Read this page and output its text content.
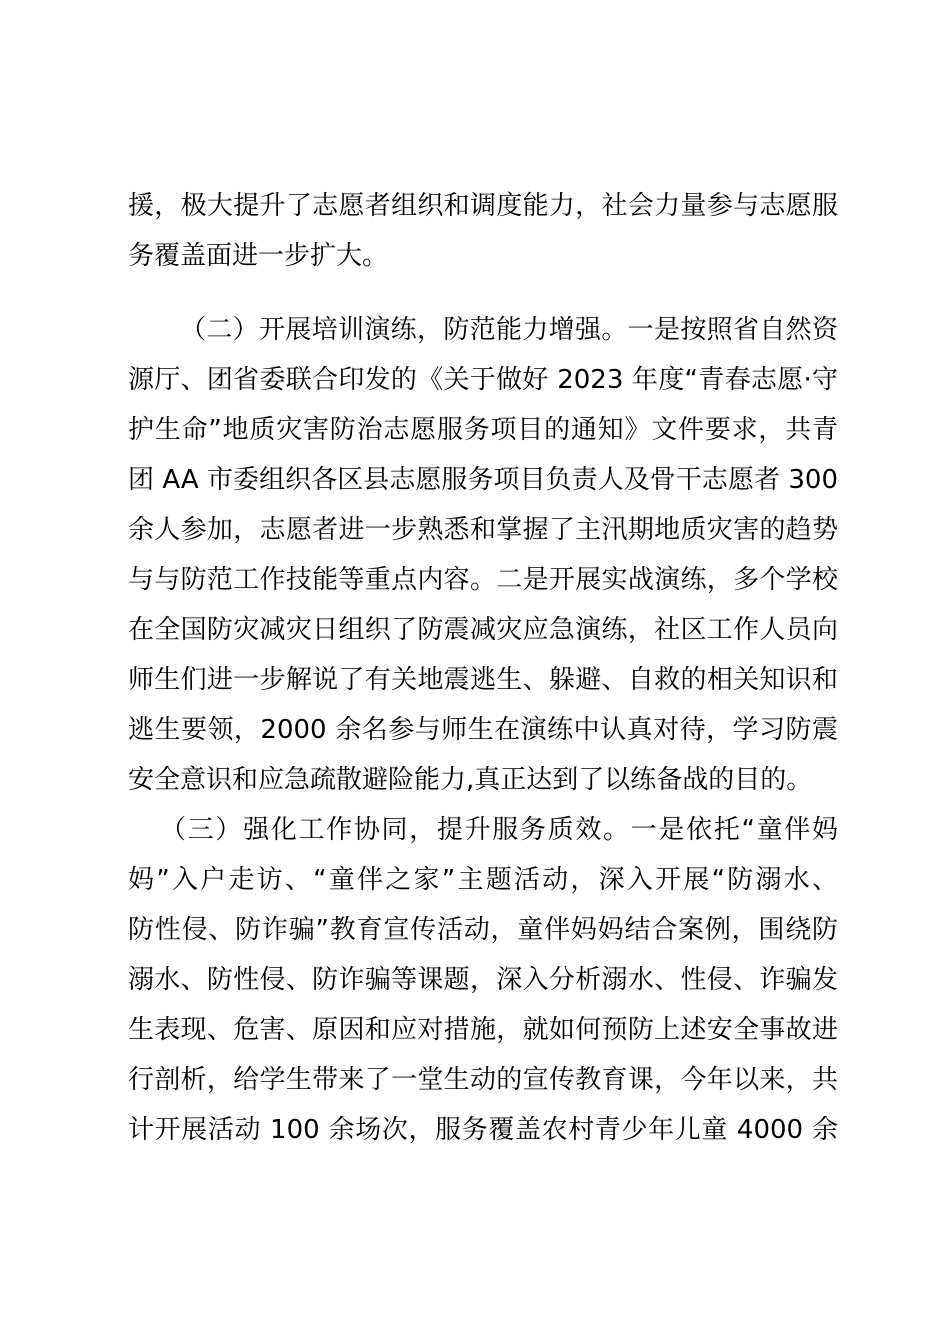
援，极大提升了志愿者组织和调度能力，社会力量参与志愿服
务覆盖面进一步扩大。
（二）开展培训演练，防范能力增强。一是按照省自然资
源厅、团省委联合印发的《关于做好 2023 年度“青春志愿·守
护生命”地质灾害防治志愿服务项目的通知》文件要求，共青
团 AA 市委组织各区县志愿服务项目负责人及骨干志愿者 300
余人参加，志愿者进一步熟悉和掌握了主汛期地质灾害的趋势
与与防范工作技能等重点内容。二是开展实战演练，多个学校
在全国防灾减灾日组织了防震减灾应急演练，社区工作人员向
师生们进一步解说了有关地震逃生、躲避、自救的相关知识和
逃生要领，2000 余名参与师生在演练中认真对待，学习防震
安全意识和应急疏散避险能力,真正达到了以练备战的目的。
（三）强化工作协同，提升服务质效。一是依托“童伴妈
妈”入户走访、“童伴之家”主题活动，深入开展“防溺水、
防性侵、防诈骗”教育宣传活动，童伴妈妈结合案例，围绕防
溺水、防性侵、防诈骗等课题，深入分析溺水、性侵、诈骗发
生表现、危害、原因和应对措施，就如何预防上述安全事故进
行剖析，给学生带来了一堂生动的宣传教育课，今年以来，共
计开展活动 100 余场次，服务覆盖农村青少年儿童 4000 余
